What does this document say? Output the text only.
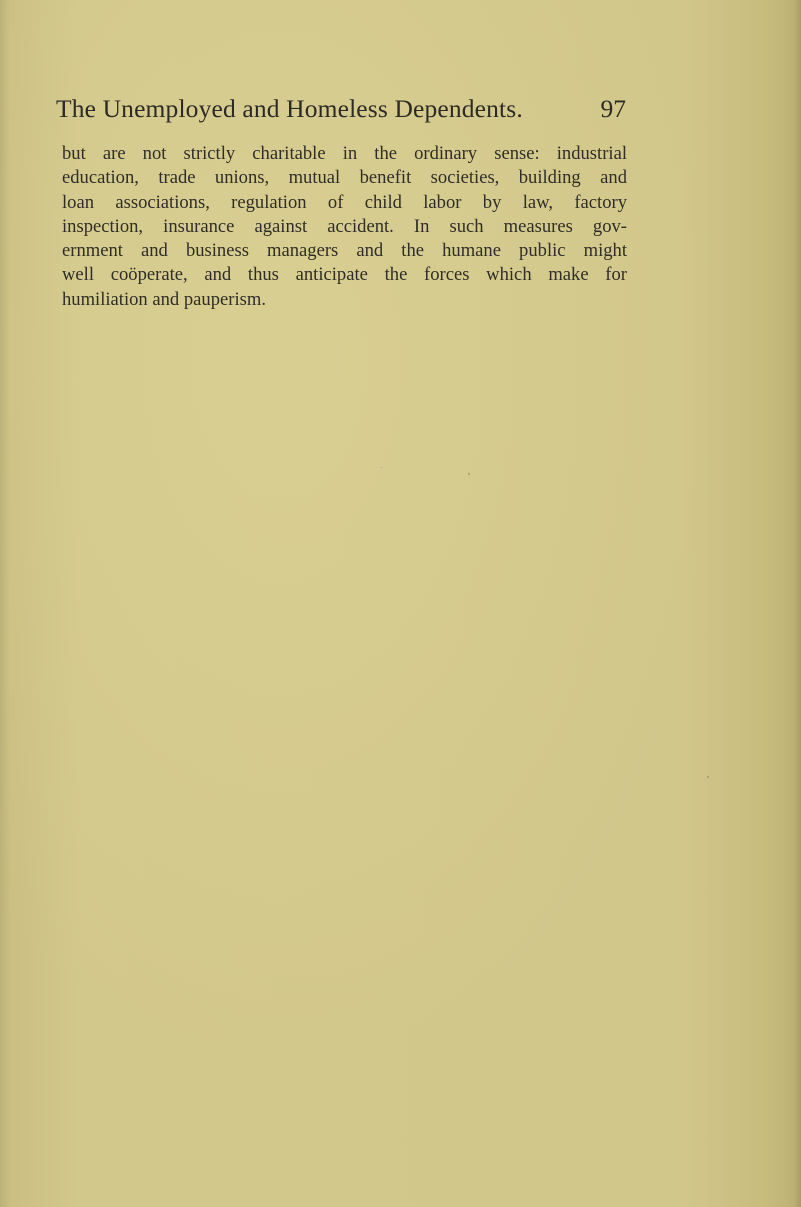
The Unemployed and Homeless Dependents.	97
but are not strictly charitable in the ordinary sense: industrial
education, trade unions, mutual benefit societies, building and
loan associations, regulation of child labor by law, factory
inspection, insurance against accident. In such measures gov-
ernment and business managers and the humane public might
well coöperate, and thus anticipate the forces which make for
humiliation and pauperism.
